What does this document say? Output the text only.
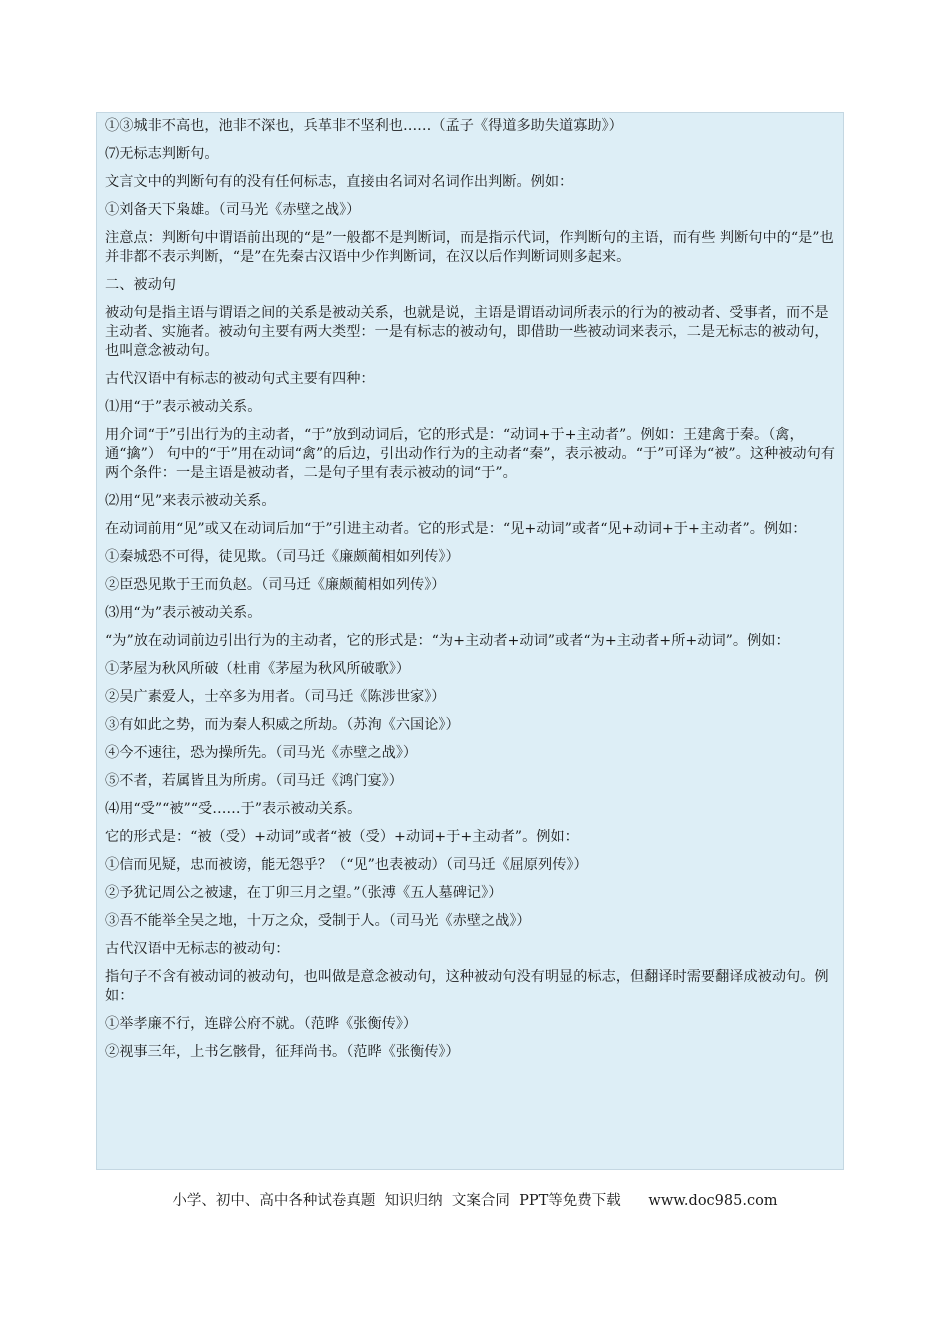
①③城非不高也，池非不深也，兵革非不坚利也……（孟子《得道多助失道寡助》）

⑺无标志判断句。

文言文中的判断句有的没有任何标志，直接由名词对名词作出判断。例如：

①刘备天下枭雄。（司马光《赤壁之战》）

注意点：判断句中谓语前出现的“是”一般都不是判断词，而是指示代词，作判断句的主语，而有些 判断句中的“是”也并非都不表示判断，“是”在先秦古汉语中少作判断词，在汉以后作判断词则多起来。

二、被动句

被动句是指主语与谓语之间的关系是被动关系，也就是说，主语是谓语动词所表示的行为的被动者、受事者，而不是主动者、实施者。被动句主要有两大类型：一是有标志的被动句，即借助一些被动词来表示，二是无标志的被动句，也叫意念被动句。

古代汉语中有标志的被动句式主要有四种：

⑴用“于”表示被动关系。

用介词“于”引出行为的主动者，“于”放到动词后，它的形式是：“动词+于+主动者”。例如：王建禽于秦。（禽，通“擒”） 句中的“于”用在动词“禽”的后边，引出动作行为的主动者“秦”，表示被动。“于”可译为“被”。这种被动句有两个条件：一是主语是被动者，二是句子里有表示被动的词“于”。

⑵用“见”来表示被动关系。

在动词前用“见”或又在动词后加“于”引进主动者。它的形式是：“见+动词”或者“见+动词+于+主动者”。例如：

①秦城恐不可得，徒见欺。（司马迁《廉颇蔺相如列传》）

②臣恐见欺于王而负赵。（司马迁《廉颇蔺相如列传》）

⑶用“为”表示被动关系。

“为”放在动词前边引出行为的主动者，它的形式是：“为+主动者+动词”或者“为+主动者+所+动词”。例如：

①茅屋为秋风所破（杜甫《茅屋为秋风所破歌》）

②吴广素爱人，士卒多为用者。（司马迁《陈涉世家》）

③有如此之势，而为秦人积威之所劫。（苏洵《六国论》）

④今不速往，恐为操所先。（司马光《赤壁之战》）

⑤不者，若属皆且为所虏。（司马迁《鸿门宴》）

⑷用“受”“被”“受……于”表示被动关系。

它的形式是：“被（受）+动词”或者“被（受）+动词+于+主动者”。例如：

①信而见疑，忠而被谤，能无怨乎？（“见”也表被动）（司马迁《屈原列传》）

②予犹记周公之被逮，在丁卯三月之望。”（张溥《五人墓碑记》）

③吾不能举全吴之地，十万之众，受制于人。（司马光《赤壁之战》）

古代汉语中无标志的被动句：

指句子不含有被动词的被动句，也叫做是意念被动句，这种被动句没有明显的标志，但翻译时需要翻译成被动句。例如：

①举孝廉不行，连辟公府不就。（范晔《张衡传》）

②视事三年，上书乞骸骨，征拜尚书。（范晔《张衡传》）

小学、初中、高中各种试卷真题  知识归纳  文案合同  PPT等免费下载      www.doc985.com
